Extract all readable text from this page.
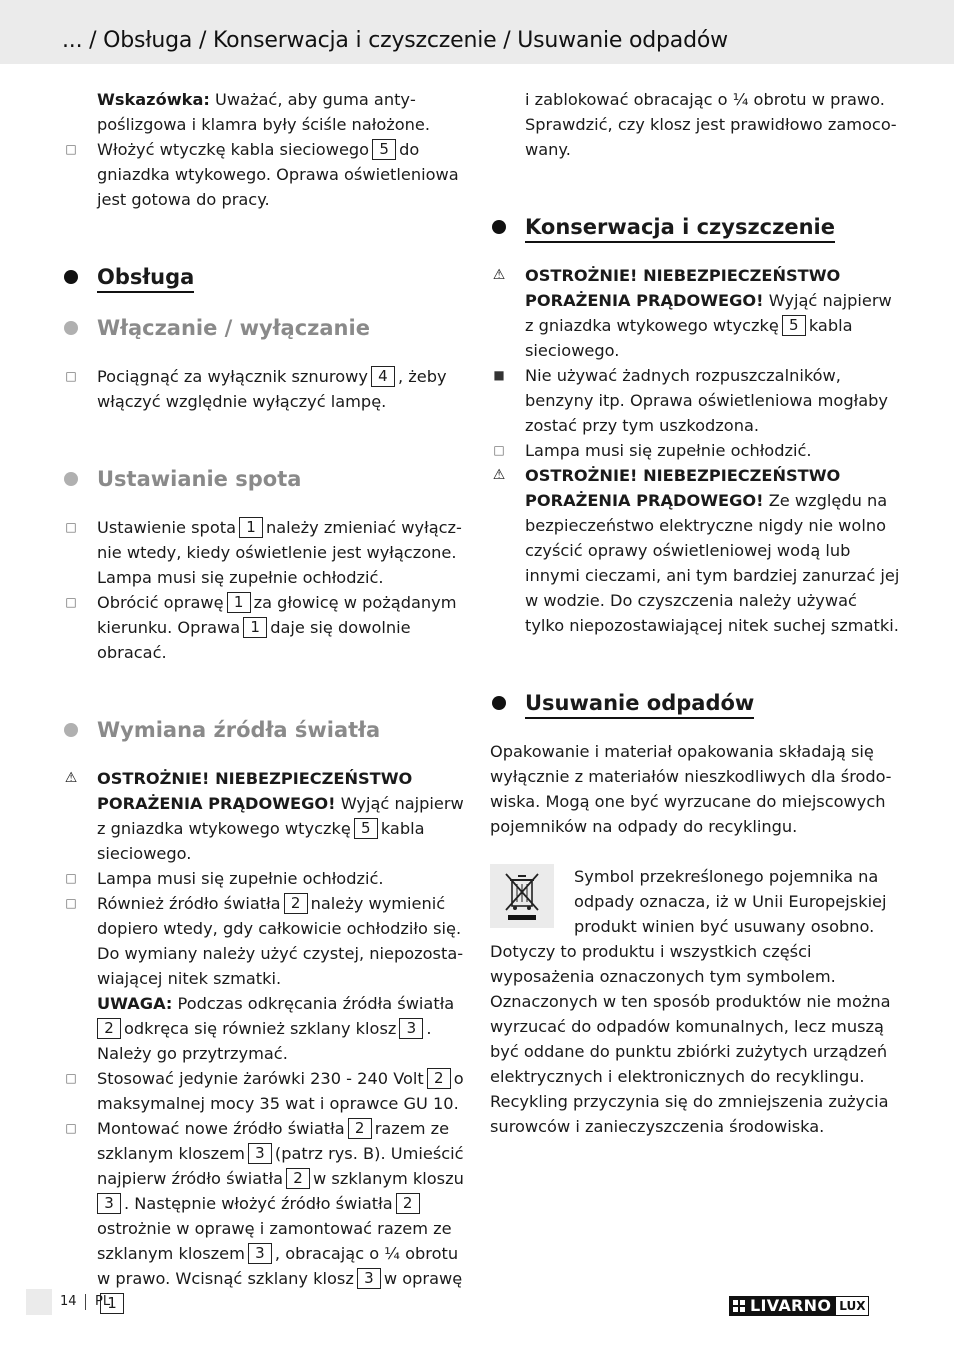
... / Obsługa / Konserwacja i czyszczenie / Usuwanie odpadów

Wskazówka: Uważać, aby guma antypoślizgowa i klamra były ściśle nałożone.

□ Włożyć wtyczkę kabla sieciowego 5 do gniazdka wtykowego. Oprawa oświetleniowa jest gotowa do pracy.

Obsługa
Włączanie / wyłączanie

□ Pociągnąć za wyłącznik sznurowy 4 , żeby włączyć względnie wyłączyć lampę.

Ustawianie spota

□ Ustawienie spota 1 należy zmieniać wyłącznie wtedy, kiedy oświetlenie jest wyłączone. Lampa musi się zupełnie ochłodzić.

□ Obrócić oprawę 1 za głowicę w pożądanym kierunku. Oprawa 1 daje się dowolnie obracać.

Wymiana źródła światła

⚠ OSTROŻNIE! NIEBEZPIECZEŃSTWO PORAŻENIA PRĄDOWEGO! Wyjąć najpierw z gniazdka wtykowego wtyczkę 5 kabla sieciowego.

□ Lampa musi się zupełnie ochłodzić.

□ Również źródło światła 2 należy wymienić dopiero wtedy, gdy całkowicie ochłodziło się. Do wymiany należy użyć czystej, niepozostawiającej nitek szmatki.
UWAGA: Podczas odkręcania źródła światła 2 odkręca się również szklany klosz 3 . Należy go przytrzymać.

□ Stosować jedynie żarówki 230 - 240 Volt 2 o maksymalnej mocy 35 wat i oprawce GU 10.

□ Montować nowe źródło światła 2 razem ze szklanym kloszem 3 (patrz rys. B). Umieścić najpierw źródło światła 2 w szklanym kloszu 3 . Następnie włożyć źródło światła 2ostrożnie w oprawę i zamontować razem ze szklanym kloszem 3 , obracając o ¼ obrotu w prawo. Wcisnąć szklany klosz 3 w oprawę1

i zablokować obracając o ¼ obrotu w prawo. Sprawdzić, czy klosz jest prawidłowo zamocowany.

Konserwacja i czyszczenie

⚠ OSTROŻNIE! NIEBEZPIECZEŃSTWO PORAŻENIA PRĄDOWEGO! Wyjąć najpierw z gniazdka wtykowego wtyczkę 5 kabla sieciowego.

■ Nie używać żadnych rozpuszczalników, benzyny itp. Oprawa oświetleniowa mogłaby zostać przy tym uszkodzona.

□ Lampa musi się zupełnie ochłodzić.

⚠ OSTROŻNIE! NIEBEZPIECZEŃSTWO PORAŻENIA PRĄDOWEGO! Ze względu na bezpieczeństwo elektryczne nigdy nie wolno czyścić oprawy oświetleniowej wodą lub innymi cieczami, ani tym bardziej zanurzać jej w wodzie. Do czyszczenia należy używać tylko niepozostawiającej nitek suchej szmatki.

Usuwanie odpadów

Opakowanie i materiał opakowania składają się wyłącznie z materiałów nieszkodliwych dla środowiska. Mogą one być wyrzucane do miejscowych pojemników na odpady do recyklingu.

Symbol przekreślonego pojemnika na odpady oznacza, iż w Unii Europejskiej produkt winien być usuwany osobno.

Dotyczy to produktu i wszystkich części wyposażenia oznaczonych tym symbolem. Oznaczonych w ten sposób produktów nie można wyrzucać do odpadów komunalnych, lecz muszą być oddane do punktu zbiórki zużytych urządzeń elektrycznych i elektronicznych do recyklingu. Recykling przyczynia się do zmniejszenia zużycia surowców i zanieczyszczenia środowiska.

14 PL	LIVARNO LUX
